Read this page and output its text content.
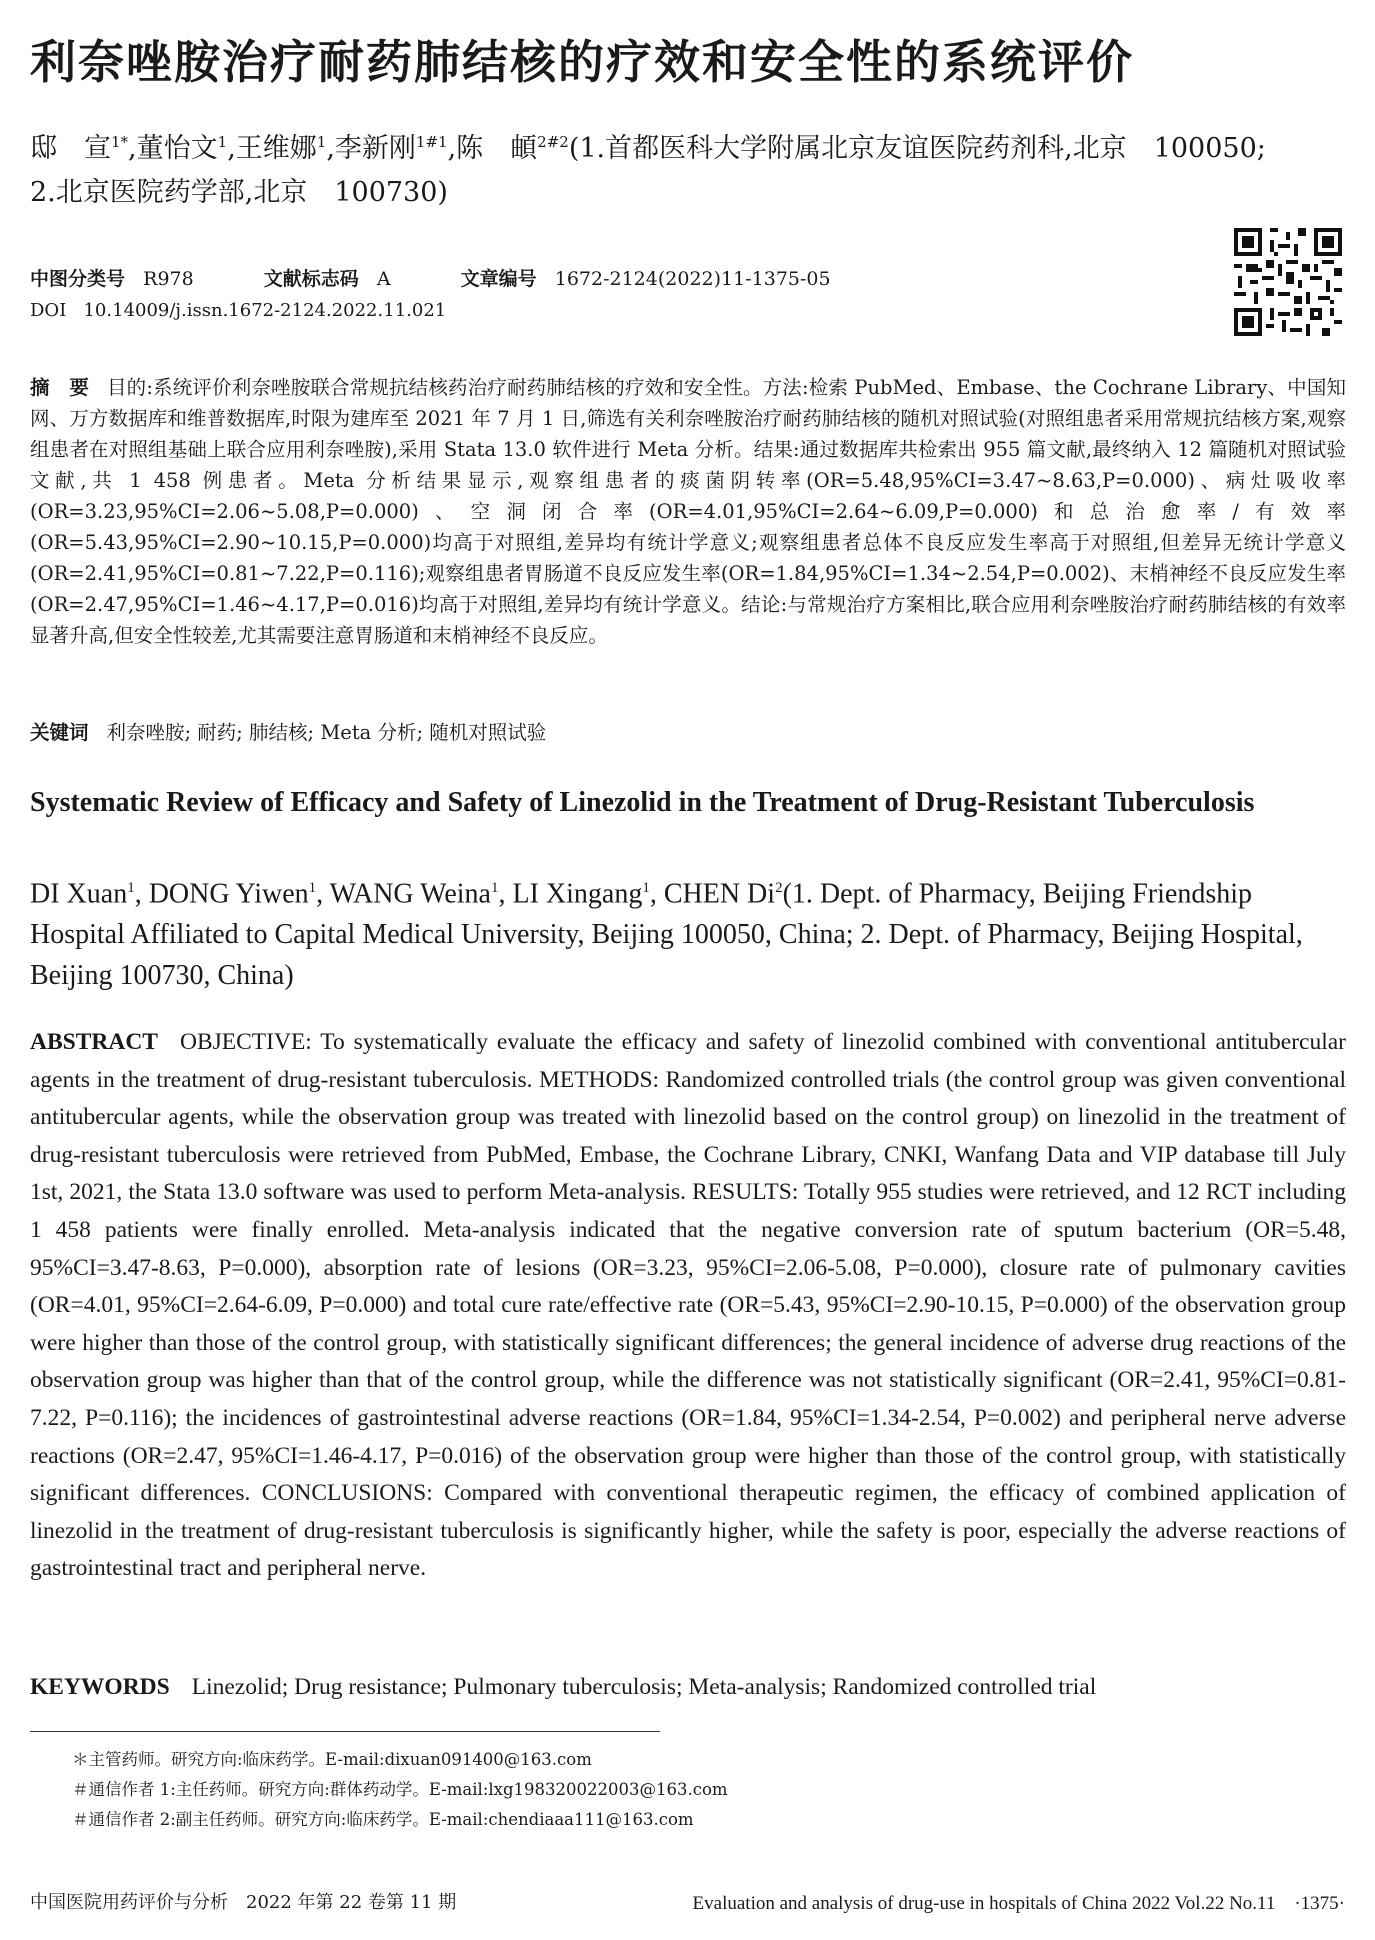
利奈唑胺治疗耐药肺结核的疗效和安全性的系统评价
邸　宣$^{1*}$,董怡文$^1$,王维娜$^1$,李新刚$^{1\#1}$,陈　頔$^{2\#2}$(1.首都医科大学附属北京友谊医院药剂科,北京　100050;
2.北京医院药学部,北京　100730)
中图分类号 R978	文献标志码 A	文章编号 1672-2124(2022)11-1375-05
DOI 10.14009/j.issn.1672-2124.2022.11.021
摘　要 目的:系统评价利奈唑胺联合常规抗结核药治疗耐药肺结核的疗效和安全性。方法:检索 PubMed、Embase、the Cochrane Library、中国知网、万方数据库和维普数据库,时限为建库至 2021 年 7 月 1 日,筛选有关利奈唑胺治疗耐药肺结核的随机对照试验(对照组患者采用常规抗结核方案,观察组患者在对照组基础上联合应用利奈唑胺),采用 Stata 13.0 软件进行 Meta 分析。结果:通过数据库共检索出 955 篇文献,最终纳入 12 篇随机对照试验文献,共 1 458 例患者。Meta 分析结果显示,观察组患者的痰菌阴转率(OR=5.48,95%CI=3.47~8.63,P=0.000)、病灶吸收率(OR=3.23,95%CI=2.06~5.08,P=0.000)、空洞闭合率(OR=4.01,95%CI=2.64~6.09,P=0.000)和总治愈率/有效率(OR=5.43,95%CI=2.90~10.15,P=0.000)均高于对照组,差异均有统计学意义;观察组患者总体不良反应发生率高于对照组,但差异无统计学意义(OR=2.41,95%CI=0.81~7.22,P=0.116);观察组患者胃肠道不良反应发生率(OR=1.84,95%CI=1.34~2.54,P=0.002)、末梢神经不良反应发生率(OR=2.47,95%CI=1.46~4.17,P=0.016)均高于对照组,差异均有统计学意义。结论:与常规治疗方案相比,联合应用利奈唑胺治疗耐药肺结核的有效率显著升高,但安全性较差,尤其需要注意胃肠道和末梢神经不良反应。
关键词 利奈唑胺; 耐药; 肺结核; Meta 分析; 随机对照试验
Systematic Review of Efficacy and Safety of Linezolid in the Treatment of Drug-Resistant Tuberculosis
DI Xuan$^1$, DONG Yiwen$^1$, WANG Weina$^1$, LI Xingang$^1$, CHEN Di$^2$(1. Dept. of Pharmacy, Beijing Friendship Hospital Affiliated to Capital Medical University, Beijing 100050, China; 2. Dept. of Pharmacy, Beijing Hospital, Beijing 100730, China)
ABSTRACT OBJECTIVE: To systematically evaluate the efficacy and safety of linezolid combined with conventional antitubercular agents in the treatment of drug-resistant tuberculosis. METHODS: Randomized controlled trials (the control group was given conventional antitubercular agents, while the observation group was treated with linezolid based on the control group) on linezolid in the treatment of drug-resistant tuberculosis were retrieved from PubMed, Embase, the Cochrane Library, CNKI, Wanfang Data and VIP database till July 1st, 2021, the Stata 13.0 software was used to perform Meta-analysis. RESULTS: Totally 955 studies were retrieved, and 12 RCT including 1 458 patients were finally enrolled. Meta-analysis indicated that the negative conversion rate of sputum bacterium (OR=5.48, 95%CI=3.47-8.63, P=0.000), absorption rate of lesions (OR=3.23, 95%CI=2.06-5.08, P=0.000), closure rate of pulmonary cavities (OR=4.01, 95%CI=2.64-6.09, P=0.000) and total cure rate/effective rate (OR=5.43, 95%CI=2.90-10.15, P=0.000) of the observation group were higher than those of the control group, with statistically significant differences; the general incidence of adverse drug reactions of the observation group was higher than that of the control group, while the difference was not statistically significant (OR=2.41, 95%CI=0.81-7.22, P=0.116); the incidences of gastrointestinal adverse reactions (OR=1.84, 95%CI=1.34-2.54, P=0.002) and peripheral nerve adverse reactions (OR=2.47, 95%CI=1.46-4.17, P=0.016) of the observation group were higher than those of the control group, with statistically significant differences. CONCLUSIONS: Compared with conventional therapeutic regimen, the efficacy of combined application of linezolid in the treatment of drug-resistant tuberculosis is significantly higher, while the safety is poor, especially the adverse reactions of gastrointestinal tract and peripheral nerve.
KEYWORDS Linezolid; Drug resistance; Pulmonary tuberculosis; Meta-analysis; Randomized controlled trial
＊主管药师。研究方向:临床药学。E-mail:dixuan091400@163.com
＃通信作者 1:主任药师。研究方向:群体药动学。E-mail:lxg198320022003@163.com
＃通信作者 2:副主任药师。研究方向:临床药学。E-mail:chendiaaa111@163.com
中国医院用药评价与分析　2022 年第 22 卷第 11 期	Evaluation and analysis of drug-use in hospitals of China 2022 Vol.22 No.11　·1375·
